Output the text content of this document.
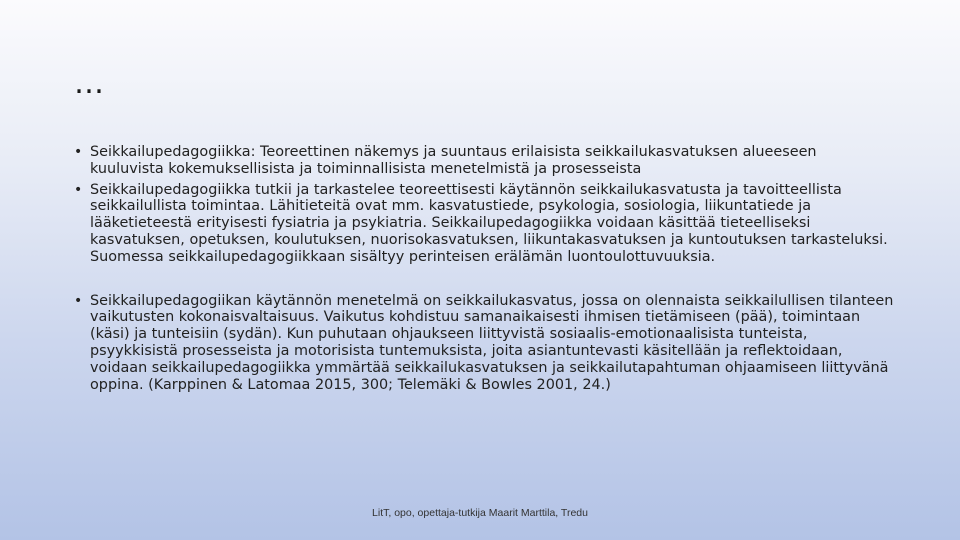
…
• Seikkailupedagogiikka: Teoreettinen näkemys ja suuntaus erilaisista seikkailukasvatuksen alueeseen kuuluvista kokemuksellisista ja toiminnallisista menetelmistä ja prosesseista
• Seikkailupedagogiikka tutkii ja tarkastelee teoreettisesti käytännön seikkailukasvatusta ja tavoitteellista seikkailullista toimintaa. Lähitieteitä ovat mm. kasvatustiede, psykologia, sosiologia, liikuntatiede ja lääketieteestä erityisesti fysiatria ja psykiatria. Seikkailupedagogiikka voidaan käsittää tieteelliseksi kasvatuksen, opetuksen, koulutuksen, nuorisokasvatuksen, liikuntakasvatuksen ja kuntoutuksen tarkasteluksi. Suomessa seikkailupedagogiikkaan sisältyy perinteisen erälämän luontoulottuvuuksia.
• Seikkailupedagogiikan käytännön menetelmä on seikkailukasvatus, jossa on olennaista seikkailullisen tilanteen vaikutusten kokonaisvaltaisuus. Vaikutus kohdistuu samanaikaisesti ihmisen tietämiseen (pää), toimintaan (käsi) ja tunteisiin (sydän). Kun puhutaan ohjaukseen liittyvistä sosiaalis-emotionaalisista tunteista, psyykkisistä prosesseista ja motorisista tuntemuksista, joita asiantuntevasti käsitellään ja reflektoidaan, voidaan seikkailupedagogiikka ymmärtää seikkailukasvatuksen ja seikkailutapahtuman ohjaamiseen liittyvänä oppina. (Karppinen & Latomaa 2015, 300; Telemäki & Bowles 2001, 24.)
LitT, opo, opettaja-tutkija Maarit Marttila, Tredu
